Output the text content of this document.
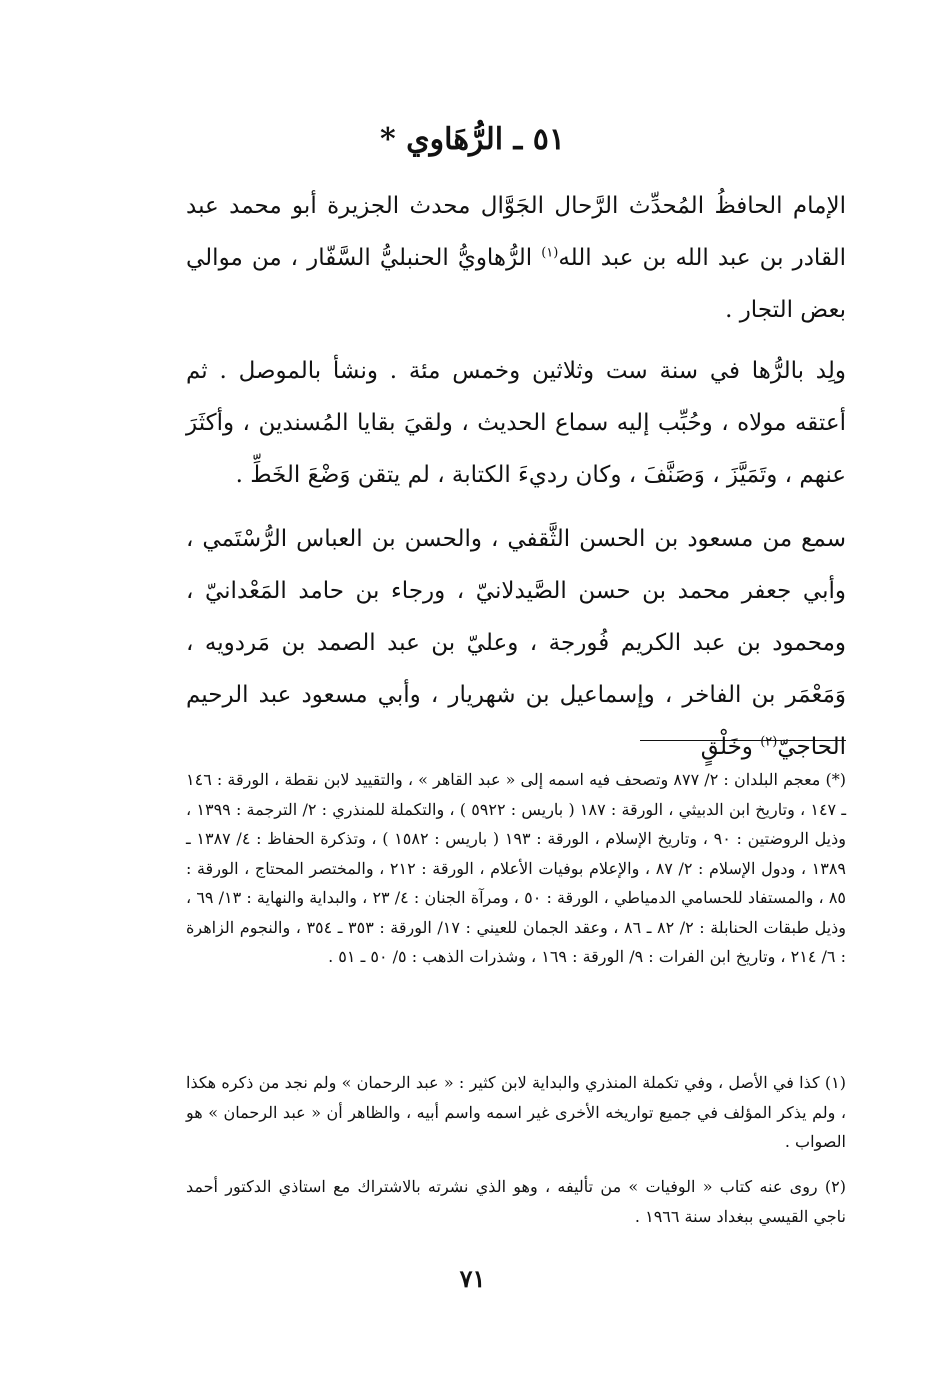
٥١ ـ الرُّهَاوي *

الإمام الحافظُ المُحدِّث الرَّحال الجَوَّال محدث الجزيرة أبو محمد عبد القادر بن عبد الله بن عبد الله$^{(١)}$ الرُّهاويُّ الحنبليُّ السَّفّار ، من موالي بعض التجار .

ولِد بالرُّها في سنة ست وثلاثين وخمس مئة . ونشأ بالموصل . ثم أعتقه مولاه ، وحُبِّب إليه سماع الحديث ، ولقيَ بقايا المُسندين ، وأكثَرَ عنهم ، وتَمَيَّزَ ، وَصَنَّفَ ، وكان رديءَ الكتابة ، لم يتقن وَضْعَ الخَطِّ .

سمع من مسعود بن الحسن الثَّقفي ، والحسن بن العباس الرُّسْتَمي ، وأبي جعفر محمد بن حسن الصَّيدلانيّ ، ورجاء بن حامد المَعْدانيّ ، ومحمود بن عبد الكريم فُورجة ، وعليّ بن عبد الصمد بن مَردويه ، وَمَعْمَر بن الفاخر ، وإسماعيل بن شهريار ، وأبي مسعود عبد الرحيم الحاجيّ$^{(٢)}$ وخَلْقٍ

(*) معجم البلدان : ٢/ ٨٧٧ وتصحف فيه اسمه إلى « عبد القاهر » ، والتقييد لابن نقطة ، الورقة : ١٤٦ ـ ١٤٧ ، وتاريخ ابن الدبيثي ، الورقة : ١٨٧ ( باريس : ٥٩٢٢ ) ، والتكملة للمنذري : ٢/ الترجمة : ١٣٩٩ ، وذيل الروضتين : ٩٠ ، وتاريخ الإسلام ، الورقة : ١٩٣ ( باريس : ١٥٨٢ ) ، وتذكرة الحفاظ : ٤/ ١٣٨٧ ـ ١٣٨٩ ، ودول الإسلام : ٢/ ٨٧ ، والإعلام بوفيات الأعلام ، الورقة : ٢١٢ ، والمختصر المحتاج ، الورقة : ٨٥ ، والمستفاد للحسامي الدمياطي ، الورقة : ٥٠ ، ومرآة الجنان : ٤/ ٢٣ ، والبداية والنهاية : ١٣/ ٦٩ ، وذيل طبقات الحنابلة : ٢/ ٨٢ ـ ٨٦ ، وعقد الجمان للعيني : ١٧/ الورقة : ٣٥٣ ـ ٣٥٤ ، والنجوم الزاهرة : ٦/ ٢١٤ ، وتاريخ ابن الفرات : ٩/ الورقة : ١٦٩ ، وشذرات الذهب : ٥/ ٥٠ ـ ٥١ .

(١) كذا في الأصل ، وفي تكملة المنذري والبداية لابن كثير : « عبد الرحمان » ولم نجد من ذكره هكذا ، ولم يذكر المؤلف في جميع تواريخه الأخرى غير اسمه واسم أبيه ، والظاهر أن « عبد الرحمان » هو الصواب .

(٢) روى عنه كتاب « الوفيات » من تأليفه ، وهو الذي نشرته بالاشتراك مع استاذي الدكتور أحمد ناجي القيسي ببغداد سنة ١٩٦٦ .

٧١
